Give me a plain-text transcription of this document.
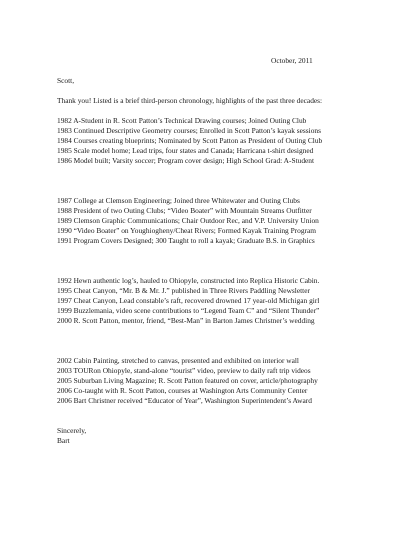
October, 2011
Scott,
Thank you! Listed is a brief third-person chronology, highlights of the past three decades:
1982 A-Student in R. Scott Patton’s Technical Drawing courses; Joined Outing Club
1983 Continued Descriptive Geometry courses; Enrolled in Scott Patton’s kayak sessions
1984 Courses creating blueprints; Nominated by Scott Patton as President of Outing Club
1985 Scale model home; Lead trips, four states and Canada; Harricana t-shirt designed
1986 Model built; Varsity soccer; Program cover design; High School Grad: A-Student
1987 College at Clemson Engineering; Joined three Whitewater and Outing Clubs
1988 President of two Outing Clubs; “Video Boater” with Mountain Streams Outfitter
1989 Clemson Graphic Communications; Chair Outdoor Rec, and V.P. University Union
1990 “Video Boater” on Youghiogheny/Cheat Rivers; Formed Kayak Training Program
1991 Program Covers Designed; 300 Taught to roll a kayak; Graduate B.S. in Graphics
1992 Hewn authentic log’s, hauled to Ohiopyle, constructed into Replica Historic Cabin.
1995 Cheat Canyon, “Mr. B & Mr. J.” published in Three Rivers Paddling Newsletter
1997 Cheat Canyon, Lead constable’s raft, recovered drowned 17 year-old Michigan girl
1999 Buzzlemania, video scene contributions to “Legend Team C” and “Silent Thunder”
2000 R. Scott Patton, mentor, friend, “Best-Man” in Barton James Christner’s wedding
2002 Cabin Painting, stretched to canvas, presented and exhibited on interior wall
2003 TOURon Ohiopyle, stand-alone “tourist” video, preview to daily raft trip videos
2005 Suburban Living Magazine; R. Scott Patton featured on cover, article/photography
2006 Co-taught with R. Scott Patton, courses at Washington Arts Community Center
2006 Bart Christner received “Educator of Year”, Washington Superintendent’s Award
Sincerely,
Bart
